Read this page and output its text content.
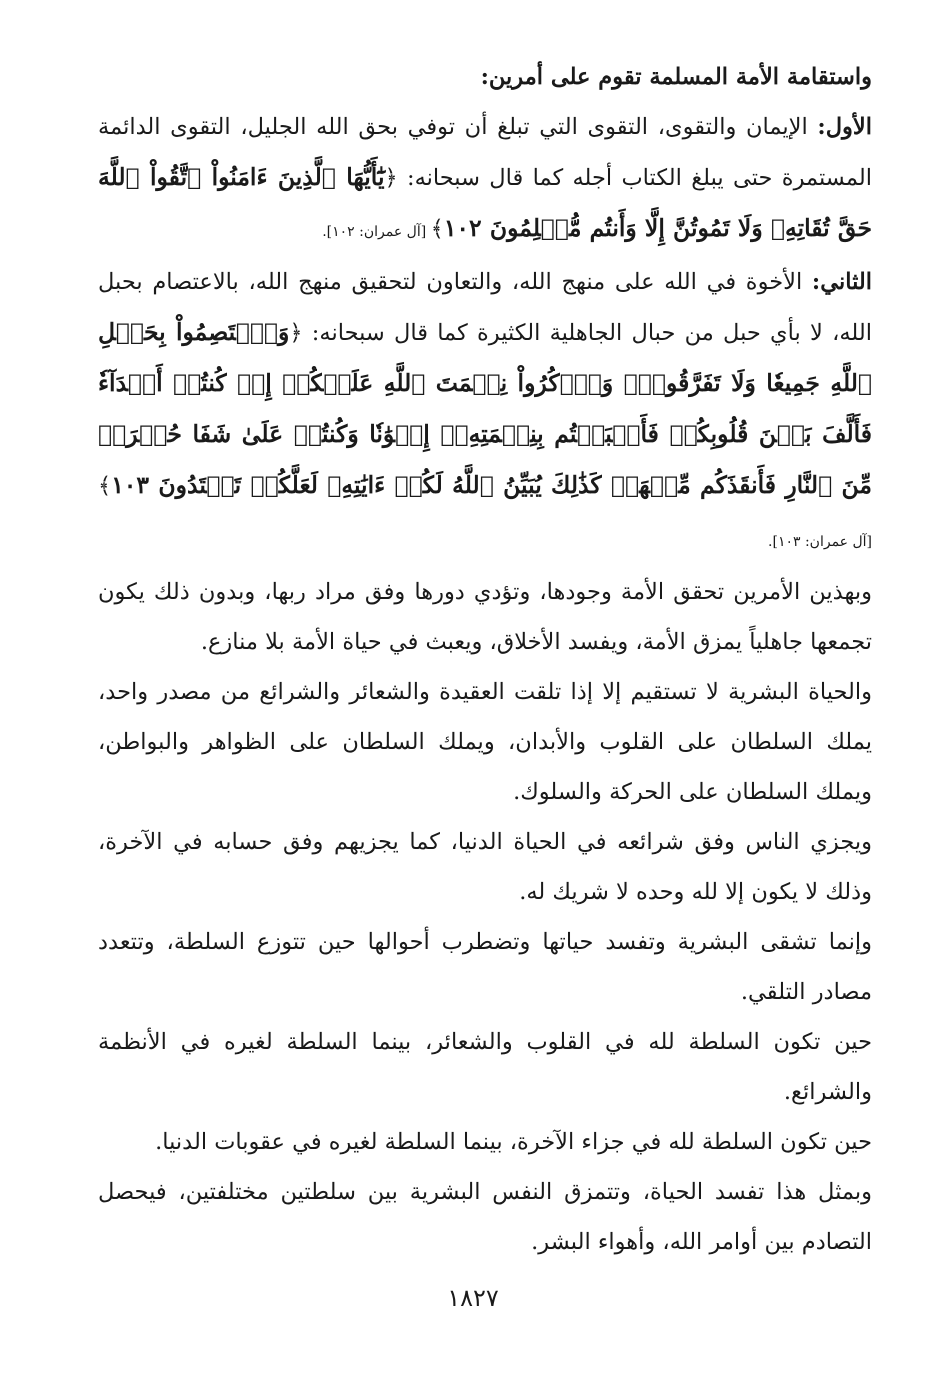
واستقامة الأمة المسلمة تقوم على أمرين:

الأول: الإيمان والتقوى، التقوى التي تبلغ أن توفي بحق الله الجليل، التقوى الدائمة المستمرة حتى يبلغ الكتاب أجله كما قال سبحانه: ﴿يَٰٓأَيُّهَا ٱلَّذِينَ ءَامَنُواْ ٱتَّقُواْ ٱللَّهَ حَقَّ تُقَاتِهِۦ وَلَا تَمُوتُنَّ إِلَّا وَأَنتُم مُّسۡلِمُونَ ١٠٢﴾ [آل عمران: ١٠٢].

الثاني: الأخوة في الله على منهج الله، والتعاون لتحقيق منهج الله، بالاعتصام بحبل الله، لا بأي حبل من حبال الجاهلية الكثيرة كما قال سبحانه: ﴿وَٱعۡتَصِمُواْ بِحَبۡلِ ٱللَّهِ جَمِيعٗا وَلَا تَفَرَّقُواْۚ وَٱذۡكُرُواْ نِعۡمَتَ ٱللَّهِ عَلَيۡكُمۡ إِذۡ كُنتُمۡ أَعۡدَآءٗ فَأَلَّفَ بَيۡنَ قُلُوبِكُمۡ فَأَصۡبَحۡتُم بِنِعۡمَتِهِۦٓ إِخۡوَٰنٗا وَكُنتُمۡ عَلَىٰ شَفَا حُفۡرَةٖ مِّنَ ٱلنَّارِ فَأَنقَذَكُم مِّنۡهَاۗ كَذَٰلِكَ يُبَيِّنُ ٱللَّهُ لَكُمۡ ءَايَٰتِهِۦ لَعَلَّكُمۡ تَهۡتَدُونَ ١٠٣﴾ [آل عمران: ١٠٣].

وبهذين الأمرين تحقق الأمة وجودها، وتؤدي دورها وفق مراد ربها، وبدون ذلك يكون تجمعها جاهلياً يمزق الأمة، ويفسد الأخلاق، ويعبث في حياة الأمة بلا منازع.

والحياة البشرية لا تستقيم إلا إذا تلقت العقيدة والشعائر والشرائع من مصدر واحد، يملك السلطان على القلوب والأبدان، ويملك السلطان على الظواهر والبواطن، ويملك السلطان على الحركة والسلوك.

ويجزي الناس وفق شرائعه في الحياة الدنيا، كما يجزيهم وفق حسابه في الآخرة، وذلك لا يكون إلا لله وحده لا شريك له.

وإنما تشقى البشرية وتفسد حياتها وتضطرب أحوالها حين تتوزع السلطة، وتتعدد مصادر التلقي.

حين تكون السلطة لله في القلوب والشعائر، بينما السلطة لغيره في الأنظمة والشرائع.

حين تكون السلطة لله في جزاء الآخرة، بينما السلطة لغيره في عقوبات الدنيا.

وبمثل هذا تفسد الحياة، وتتمزق النفس البشرية بين سلطتين مختلفتين، فيحصل التصادم بين أوامر الله، وأهواء البشر.

١٨٢٧
